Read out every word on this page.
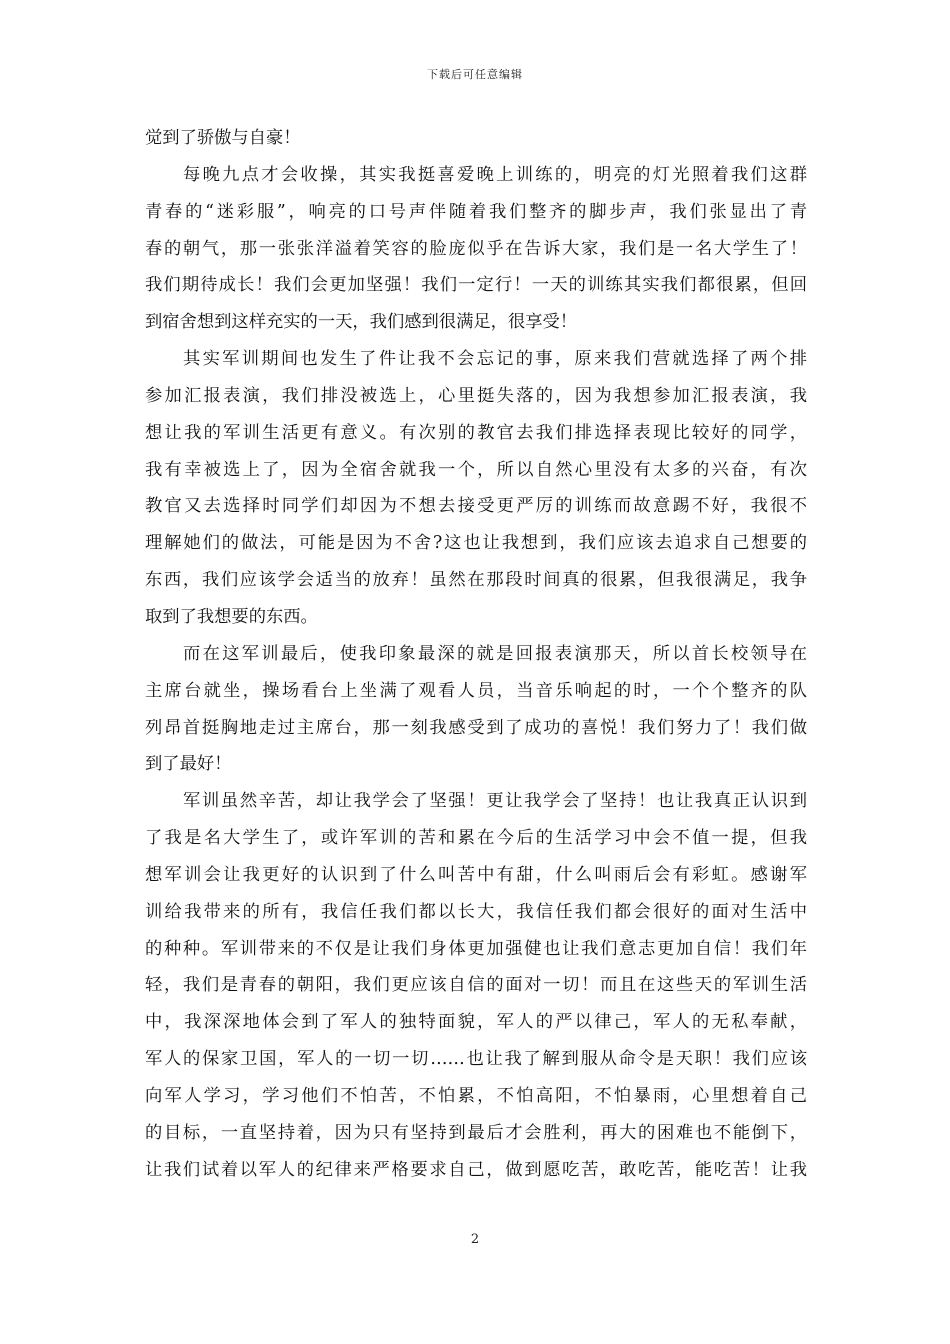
下载后可任意编辑
觉到了骄傲与自豪！
每晚九点才会收操，其实我挺喜爱晚上训练的，明亮的灯光照着我们这群
青春的“迷彩服”，响亮的口号声伴随着我们整齐的脚步声，我们张显出了青
春的朝气，那一张张洋溢着笑容的脸庞似乎在告诉大家，我们是一名大学生了！
我们期待成长！我们会更加坚强！我们一定行！一天的训练其实我们都很累，但回
到宿舍想到这样充实的一天，我们感到很满足，很享受！
其实军训期间也发生了件让我不会忘记的事，原来我们营就选择了两个排
参加汇报表演，我们排没被选上，心里挺失落的，因为我想参加汇报表演，我
想让我的军训生活更有意义。有次别的教官去我们排选择表现比较好的同学，
我有幸被选上了，因为全宿舍就我一个，所以自然心里没有太多的兴奋，有次
教官又去选择时同学们却因为不想去接受更严厉的训练而故意踢不好，我很不
理解她们的做法，可能是因为不舍?这也让我想到，我们应该去追求自己想要的
东西，我们应该学会适当的放弃！虽然在那段时间真的很累，但我很满足，我争
取到了我想要的东西。
而在这军训最后，使我印象最深的就是回报表演那天，所以首长校领导在
主席台就坐，操场看台上坐满了观看人员，当音乐响起的时，一个个整齐的队
列昂首挺胸地走过主席台，那一刻我感受到了成功的喜悦！我们努力了！我们做
到了最好！
军训虽然辛苦，却让我学会了坚强！更让我学会了坚持！也让我真正认识到
了我是名大学生了，或许军训的苦和累在今后的生活学习中会不值一提，但我
想军训会让我更好的认识到了什么叫苦中有甜，什么叫雨后会有彩虹。感谢军
训给我带来的所有，我信任我们都以长大，我信任我们都会很好的面对生活中
的种种。军训带来的不仅是让我们身体更加强健也让我们意志更加自信！我们年
轻，我们是青春的朝阳，我们更应该自信的面对一切！而且在这些天的军训生活
中，我深深地体会到了军人的独特面貌，军人的严以律己，军人的无私奉献，
军人的保家卫国，军人的一切一切……也让我了解到服从命令是天职！我们应该
向军人学习，学习他们不怕苦，不怕累，不怕高阳，不怕暴雨，心里想着自己
的目标，一直坚持着，因为只有坚持到最后才会胜利，再大的困难也不能倒下，
让我们试着以军人的纪律来严格要求自己，做到愿吃苦，敢吃苦，能吃苦！让我
2
